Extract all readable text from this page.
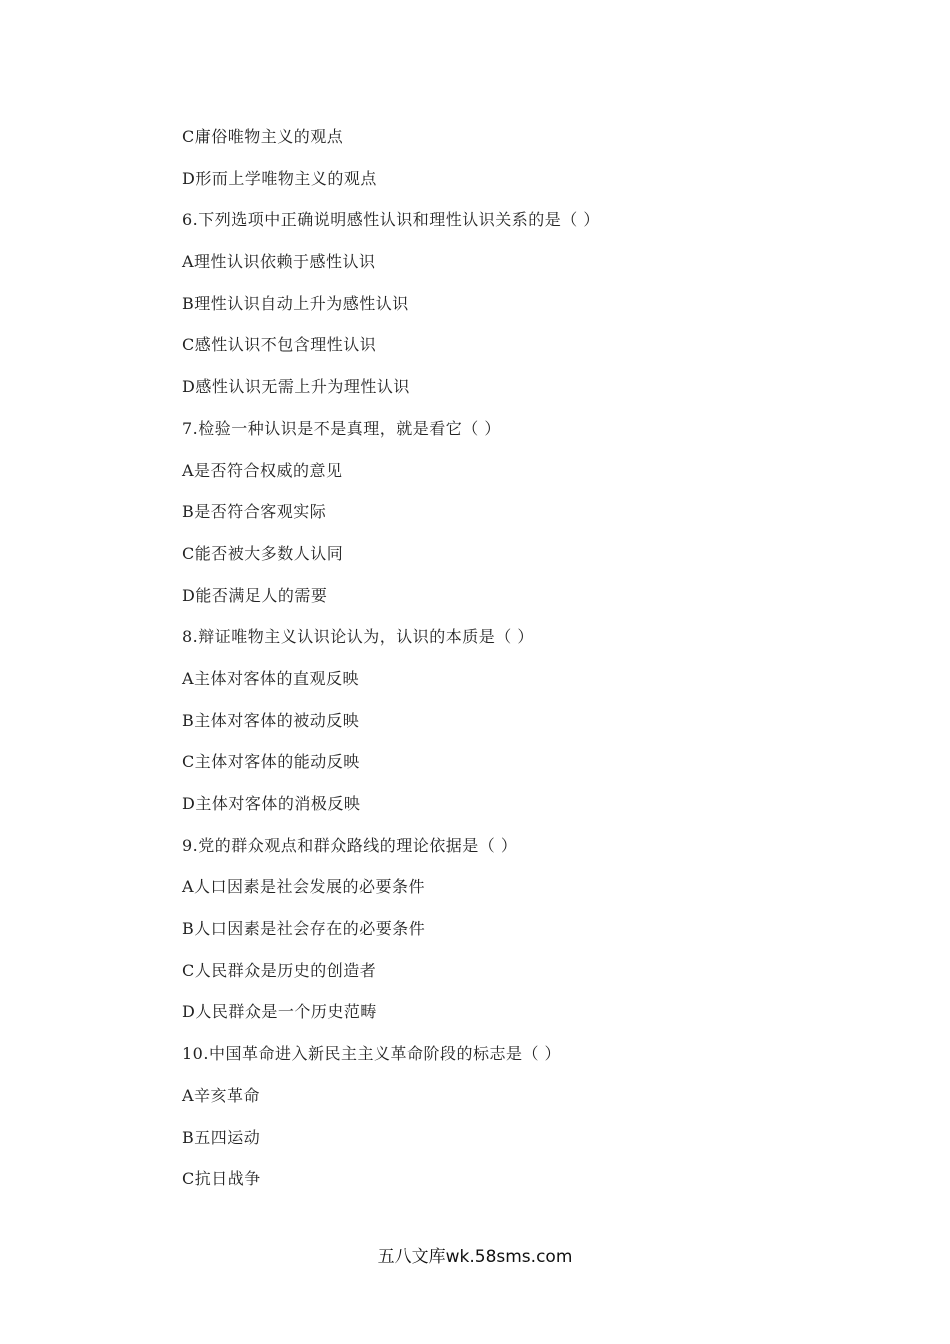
C庸俗唯物主义的观点
D形而上学唯物主义的观点
6.下列选项中正确说明感性认识和理性认识关系的是（ ）
A理性认识依赖于感性认识
B理性认识自动上升为感性认识
C感性认识不包含理性认识
D感性认识无需上升为理性认识
7.检验一种认识是不是真理，就是看它（ ）
A是否符合权威的意见
B是否符合客观实际
C能否被大多数人认同
D能否满足人的需要
8.辩证唯物主义认识论认为，认识的本质是（ ）
A主体对客体的直观反映
B主体对客体的被动反映
C主体对客体的能动反映
D主体对客体的消极反映
9.党的群众观点和群众路线的理论依据是（ ）
A人口因素是社会发展的必要条件
B人口因素是社会存在的必要条件
C人民群众是历史的创造者
D人民群众是一个历史范畴
10.中国革命进入新民主主义革命阶段的标志是（ ）
A辛亥革命
B五四运动
C抗日战争
五八文库wk.58sms.com
